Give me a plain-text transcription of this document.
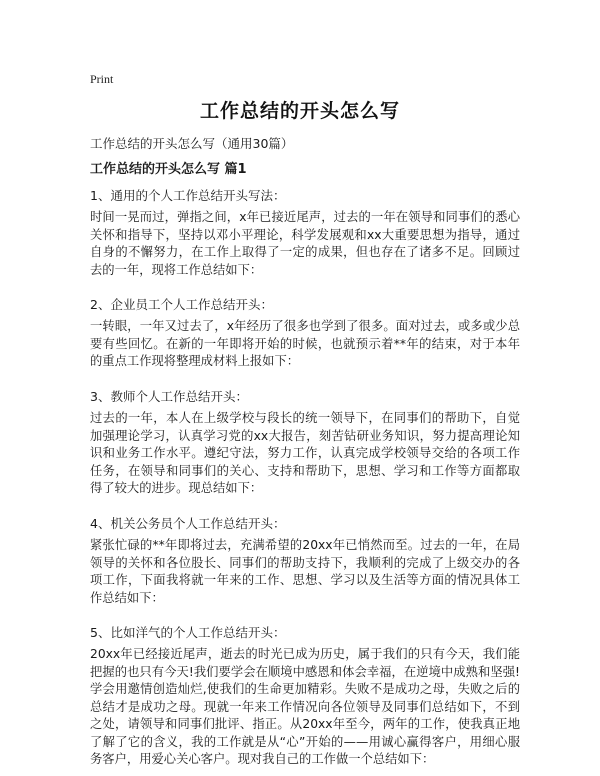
Print
工作总结的开头怎么写
工作总结的开头怎么写（通用30篇）
工作总结的开头怎么写 篇1
1、通用的个人工作总结开头写法：
时间一晃而过，弹指之间，x年已接近尾声，过去的一年在领导和同事们的悉心关怀和指导下，坚持以邓小平理论，科学发展观和xx大重要思想为指导，通过自身的不懈努力，在工作上取得了一定的成果，但也存在了诸多不足。回顾过去的一年，现将工作总结如下：
2、企业员工个人工作总结开头：
一转眼，一年又过去了，x年经历了很多也学到了很多。面对过去，或多或少总要有些回忆。在新的一年即将开始的时候，也就预示着**年的结束，对于本年的重点工作现将整理成材料上报如下：
3、教师个人工作总结开头：
过去的一年，本人在上级学校与段长的统一领导下，在同事们的帮助下，自觉加强理论学习，认真学习党的xx大报告，刻苦钻研业务知识，努力提高理论知识和业务工作水平。遵纪守法，努力工作，认真完成学校领导交给的各项工作任务，在领导和同事们的关心、支持和帮助下，思想、学习和工作等方面都取得了较大的进步。现总结如下：
4、机关公务员个人工作总结开头：
紧张忙碌的**年即将过去，充满希望的20xx年已悄然而至。过去的一年，在局领导的关怀和各位股长、同事们的帮助支持下，我顺利的完成了上级交办的各项工作，下面我将就一年来的工作、思想、学习以及生活等方面的情况具体工作总结如下：
5、比如洋气的个人工作总结开头：
20xx年已经接近尾声，逝去的时光已成为历史，属于我们的只有今天，我们能把握的也只有今天!我们要学会在顺境中感恩和体会幸福，在逆境中成熟和坚强!学会用邀情创造灿烂,使我们的生命更加精彩。失败不是成功之母，失败之后的总结才是成功之母。现就一年来工作情况向各位领导及同事们总结如下，不到之处，请领导和同事们批评、指正。从20xx年至今，两年的工作，使我真正地了解了它的含义，我的工作就是从“心”开始的——用诚心赢得客户，用细心服务客户，用爱心关心客户。现对我自己的工作做一个总结如下：
